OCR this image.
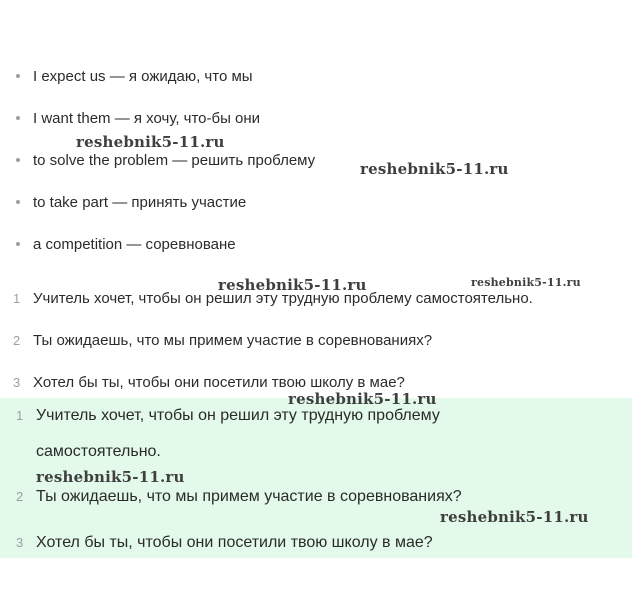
I expect us — я ожидаю, что мы
I want them — я хочу, что-бы они
to solve the problem — решить проблему
to take part — принять участие
a competition — соревноване
1 Учитель хочет, чтобы он решил эту трудную проблему самостоятельно.
2 Ты ожидаешь, что мы примем участие в соревнованиях?
3 Хотел бы ты, чтобы они посетили твою школу в мае?
1 Учитель хочет, чтобы он решил эту трудную проблему
самостоятельно.
2 Ты ожидаешь, что мы примем участие в соревнованиях?
3 Хотел бы ты, чтобы они посетили твою школу в мае?
reshebnik5-11.ru
reshebnik5-11.ru
reshebnik5-11.ru	reshebnik5-11.ru
reshebnik5-11.ru
reshebnik5-11.ru
reshebnik5-11.ru
